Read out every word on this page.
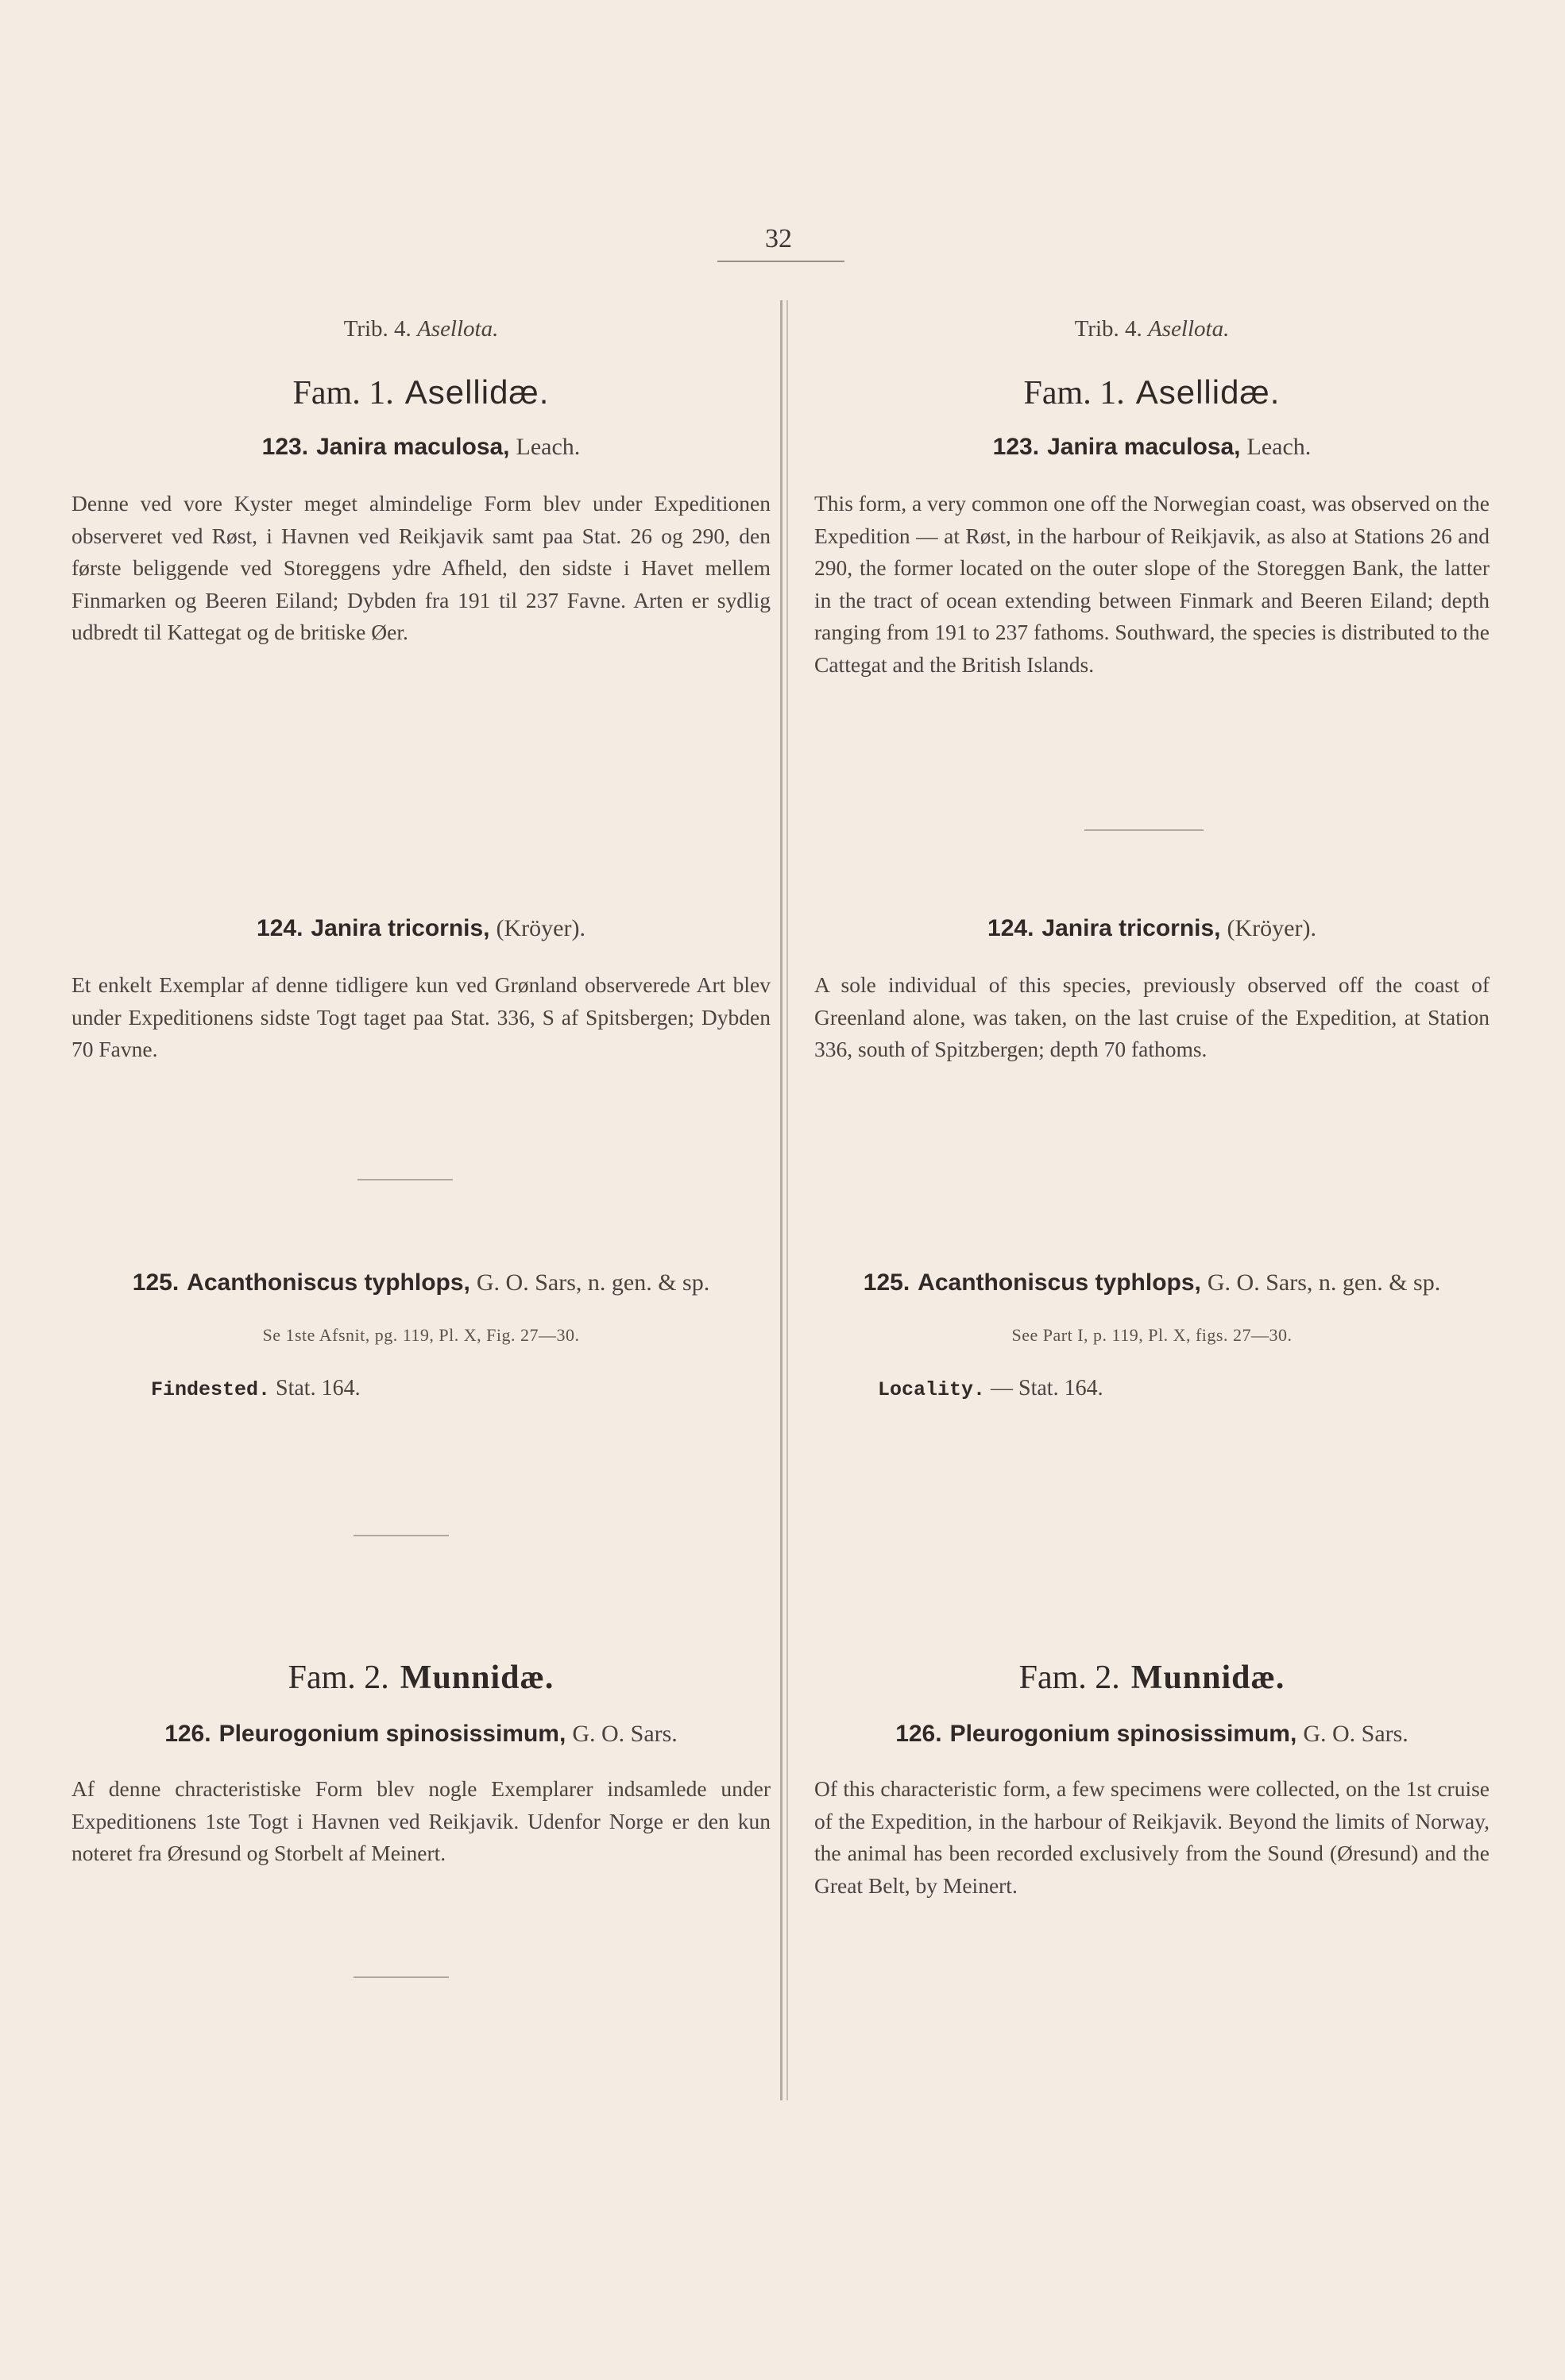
32
Trib. 4. Asellota.
Fam. 1. Asellidæ.
123. Janira maculosa, Leach.
Denne ved vore Kyster meget almindelige Form blev under Expeditionen observeret ved Røst, i Havnen ved Reikjavik samt paa Stat. 26 og 290, den første beliggende ved Storeggens ydre Afheld, den sidste i Havet mellem Finmarken og Beeren Eiland; Dybden fra 191 til 237 Favne. Arten er sydlig udbredt til Kattegat og de britiske Øer.
124. Janira tricornis, (Kröyer).
Et enkelt Exemplar af denne tidligere kun ved Grønland observerede Art blev under Expeditionens sidste Togt taget paa Stat. 336, S af Spitsbergen; Dybden 70 Favne.
125. Acanthoniscus typhlops, G. O. Sars, n. gen. & sp.
Se 1ste Afsnit, pg. 119, Pl. X, Fig. 27—30.
Findested. Stat. 164.
Fam. 2. Munnidæ.
126. Pleurogonium spinosissimum, G. O. Sars.
Af denne chracteristiske Form blev nogle Exemplarer indsamlede under Expeditionens 1ste Togt i Havnen ved Reikjavik. Udenfor Norge er den kun noteret fra Øresund og Storbelt af Meinert.
Trib. 4. Asellota.
Fam. 1. Asellidæ.
123. Janira maculosa, Leach.
This form, a very common one off the Norwegian coast, was observed on the Expedition — at Røst, in the harbour of Reikjavik, as also at Stations 26 and 290, the former located on the outer slope of the Storeggen Bank, the latter in the tract of ocean extending between Finmark and Beeren Eiland; depth ranging from 191 to 237 fathoms. Southward, the species is distributed to the Cattegat and the British Islands.
124. Janira tricornis, (Kröyer).
A sole individual of this species, previously observed off the coast of Greenland alone, was taken, on the last cruise of the Expedition, at Station 336, south of Spitzbergen; depth 70 fathoms.
125. Acanthoniscus typhlops, G. O. Sars, n. gen. & sp.
See Part I, p. 119, Pl. X, figs. 27—30.
Locality. — Stat. 164.
Fam. 2. Munnidæ.
126. Pleurogonium spinosissimum, G. O. Sars.
Of this characteristic form, a few specimens were collected, on the 1st cruise of the Expedition, in the harbour of Reikjavik. Beyond the limits of Norway, the animal has been recorded exclusively from the Sound (Øresund) and the Great Belt, by Meinert.
